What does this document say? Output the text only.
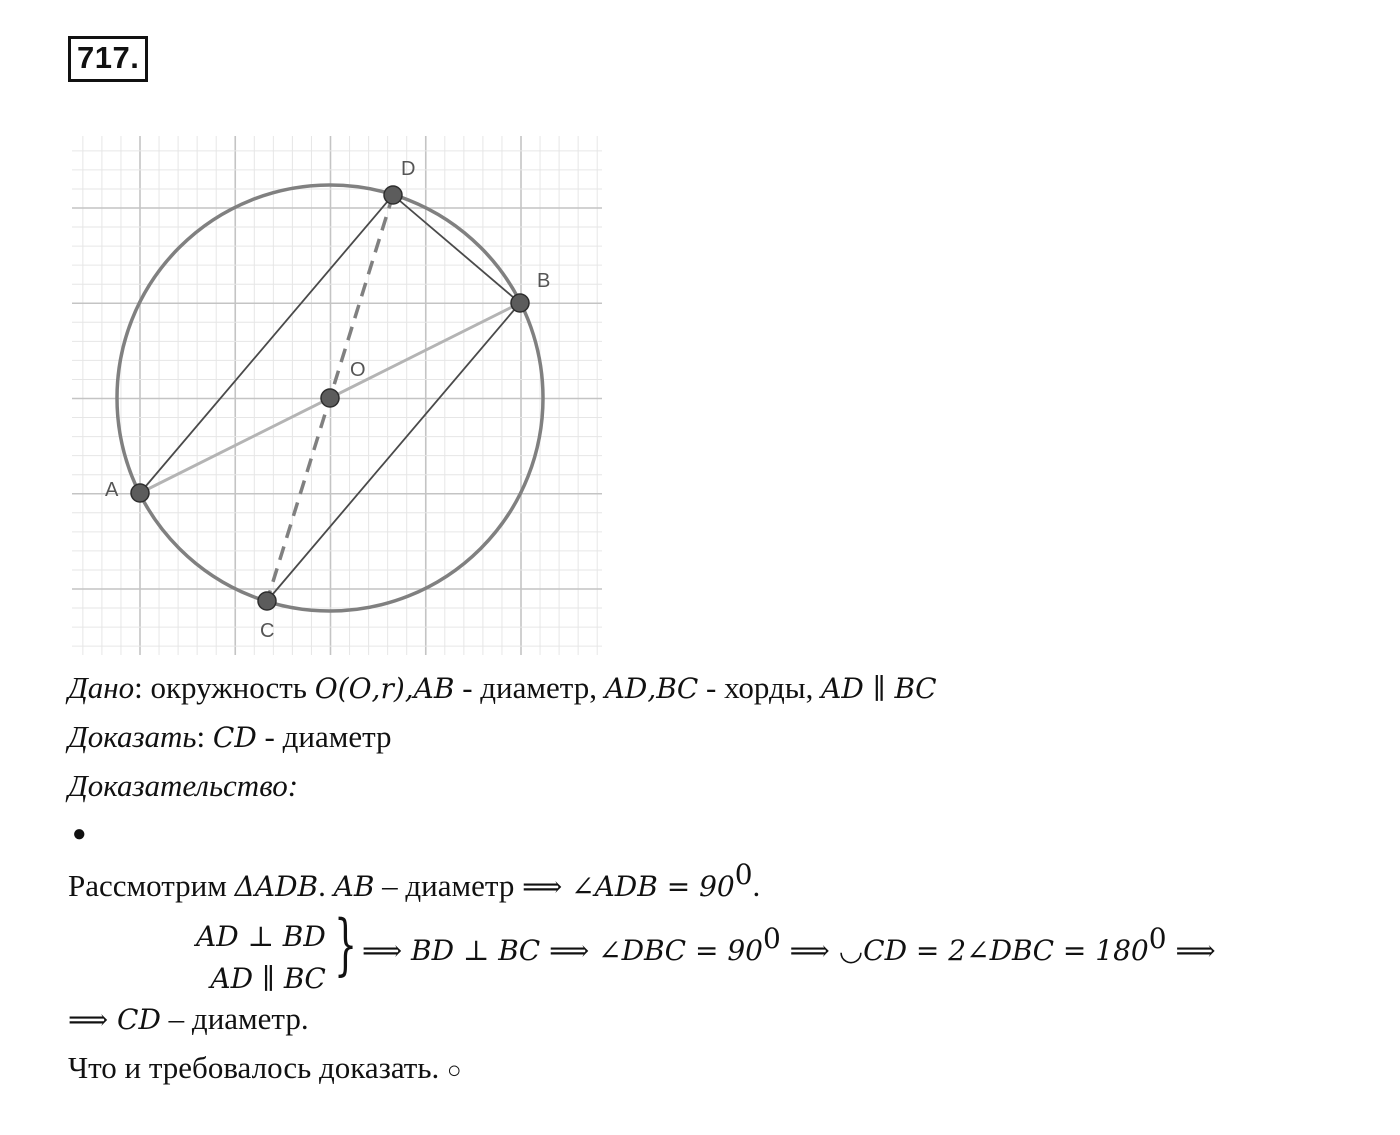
717.
D
B
O
A
C
Дано: окружность 𝑂(𝑂,𝑟),𝐴𝐵 - диаметр, 𝐴𝐷,𝐵𝐶 - хорды, 𝐴𝐷 ∥ 𝐵𝐶
Доказать: 𝐶𝐷 - диаметр
Доказательство:
●
Рассмотрим Δ𝐴𝐷𝐵. 𝐴𝐵 – диаметр ⟹ ∠𝐴𝐷𝐵 = $90^0$.
𝐴𝐷 ⊥ 𝐵𝐷
𝐴𝐷 ∥ 𝐵𝐶 } ⟹ 𝐵𝐷 ⊥ 𝐵𝐶 ⟹ ∠𝐷𝐵𝐶 = $90^0$ ⟹ ◡𝐶𝐷 = 2∠𝐷𝐵𝐶 = $180^0$ ⟹
⟹ 𝐶𝐷 – диаметр.
Что и требовалось доказать. ○
